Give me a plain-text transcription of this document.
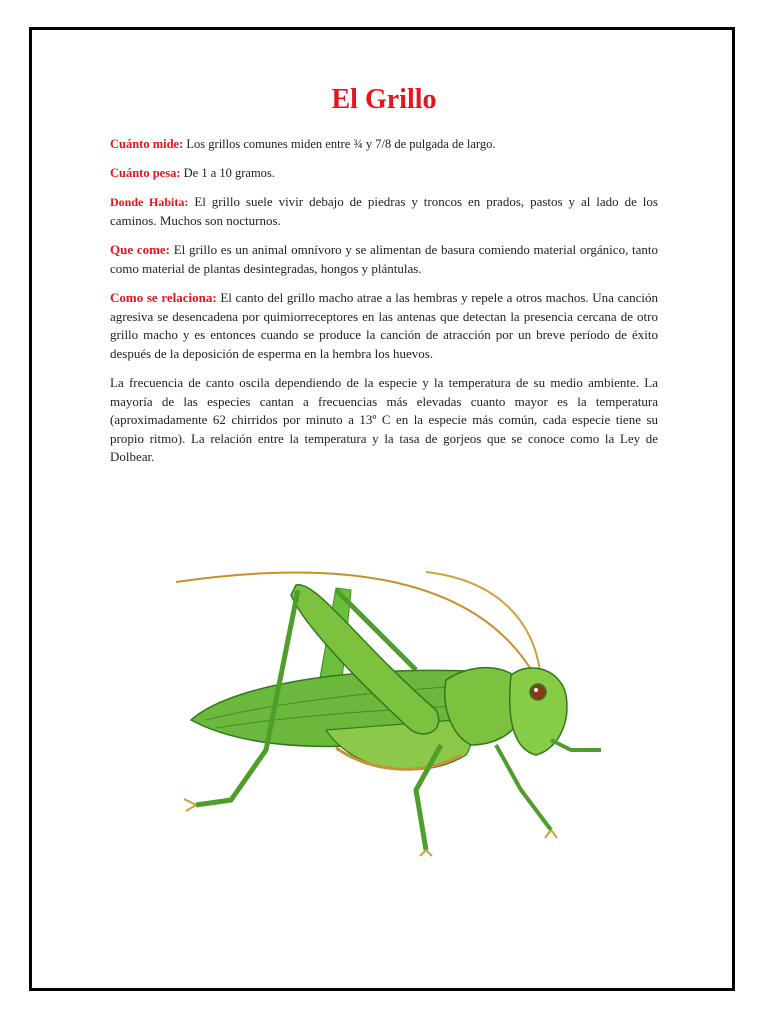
El Grillo

Cuánto mide: Los grillos comunes miden entre ¾ y 7/8 de pulgada de largo.

Cuánto pesa: De 1 a 10 gramos.

Donde Habita: El grillo suele vivir debajo de piedras y troncos en prados, pastos y al lado de los caminos. Muchos son nocturnos.

Que come: El grillo es un animal omnívoro y se alimentan de basura comiendo material orgánico, tanto como material de plantas desintegradas, hongos y plántulas.

Como se relaciona: El canto del grillo macho atrae a las hembras y repele a otros machos. Una canción agresiva se desencadena por quimiorreceptores en las antenas que detectan la presencia cercana de otro grillo macho y es entonces cuando se produce la canción de atracción por un breve período de éxito después de la deposición de esperma en la hembra los huevos.

La frecuencia de canto oscila dependiendo de la especie y la temperatura de su medio ambiente. La mayoría de las especies cantan a frecuencias más elevadas cuanto mayor es la temperatura (aproximadamente 62 chirridos por minuto a 13º C en la especie más común, cada especie tiene su propio ritmo). La relación entre la temperatura y la tasa de gorjeos que se conoce como la Ley de Dolbear.
